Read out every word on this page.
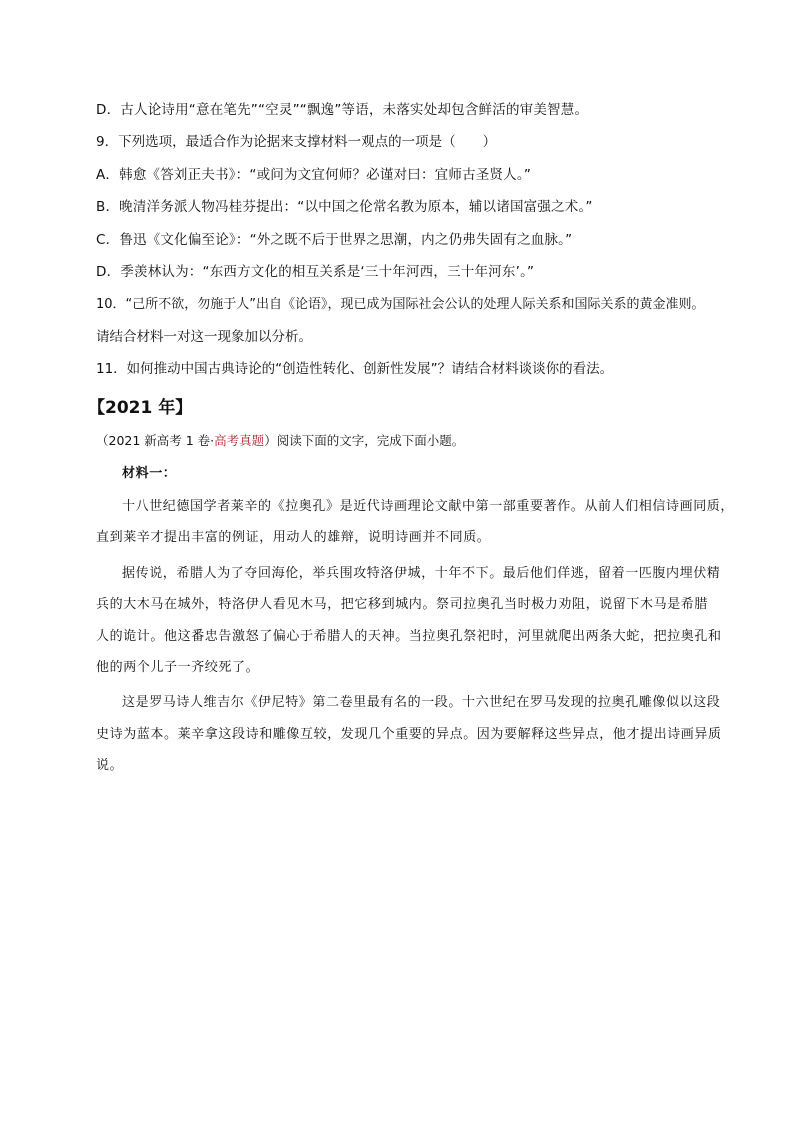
D．古人论诗用“意在笔先”“空灵”“飘逸”等语，未落实处却包含鲜活的审美智慧。
9．下列选项，最适合作为论据来支撑材料一观点的一项是（　　）
A．韩愈《答刘正夫书》：“或问为文宜何师？必谨对曰：宜师古圣贤人。”
B．晚清洋务派人物冯桂芬提出：“以中国之伦常名教为原本，辅以诸国富强之术。”
C．鲁迅《文化偏至论》：“外之既不后于世界之思潮，内之仍弗失固有之血脉。”
D．季羡林认为：“东西方文化的相互关系是‘三十年河西，三十年河东’。”
10．“己所不欲，勿施于人”出自《论语》，现已成为国际社会公认的处理人际关系和国际关系的黄金准则。
请结合材料一对这一现象加以分析。
11．如何推动中国古典诗论的“创造性转化、创新性发展”？请结合材料谈谈你的看法。
【2021 年】
（2021 新高考 1 卷·高考真题）阅读下面的文字，完成下面小题。
材料一：
十八世纪德国学者莱辛的《拉奥孔》是近代诗画理论文献中第一部重要著作。从前人们相信诗画同质，
直到莱辛才提出丰富的例证，用动人的雄辩，说明诗画并不同质。
据传说，希腊人为了夺回海伦，举兵围攻特洛伊城，十年不下。最后他们佯逃，留着一匹腹内埋伏精
兵的大木马在城外，特洛伊人看见木马，把它移到城内。祭司拉奥孔当时极力劝阻，说留下木马是希腊
人的诡计。他这番忠告激怒了偏心于希腊人的天神。当拉奥孔祭祀时，河里就爬出两条大蛇，把拉奥孔和
他的两个儿子一齐绞死了。
这是罗马诗人维吉尔《伊尼特》第二卷里最有名的一段。十六世纪在罗马发现的拉奥孔雕像似以这段
史诗为蓝本。莱辛拿这段诗和雕像互较，发现几个重要的异点。因为要解释这些异点，他才提出诗画异质
说。
